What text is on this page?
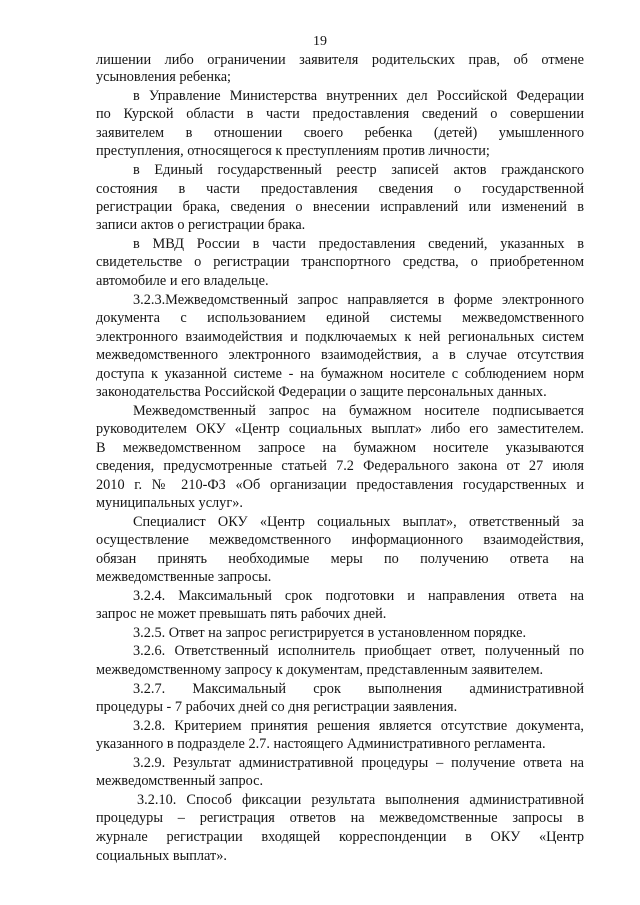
19
лишении либо ограничении заявителя родительских прав, об отмене
усыновления ребенка;
в Управление Министерства внутренних дел Российской Федерации
по Курской области в части предоставления сведений о совершении
заявителем в отношении своего ребенка (детей) умышленного
преступления, относящегося к преступлениям против личности;
в Единый государственный реестр записей актов гражданского
состояния в части предоставления сведения о государственной
регистрации брака, сведения о внесении исправлений или изменений в
записи актов о регистрации брака.
в МВД России в части предоставления сведений, указанных в
свидетельстве о регистрации транспортного средства, о приобретенном
автомобиле и его владельце.
3.2.3.Межведомственный запрос направляется в форме электронного
документа с использованием единой системы межведомственного
электронного взаимодействия и подключаемых к ней региональных систем
межведомственного электронного взаимодействия, а в случае отсутствия
доступа к указанной системе - на бумажном носителе с соблюдением норм
законодательства Российской Федерации о защите персональных данных.
Межведомственный запрос на бумажном носителе подписывается
руководителем ОКУ «Центр социальных выплат» либо его заместителем.
В межведомственном запросе на бумажном носителе указываются
сведения, предусмотренные статьей 7.2 Федерального закона от 27 июля
2010 г. № 210-ФЗ «Об организации предоставления государственных и
муниципальных услуг».
Специалист ОКУ «Центр социальных выплат», ответственный за
осуществление межведомственного информационного взаимодействия,
обязан принять необходимые меры по получению ответа на
межведомственные запросы.
3.2.4. Максимальный срок подготовки и направления ответа на
запрос не может превышать пять рабочих дней.
3.2.5. Ответ на запрос регистрируется в установленном порядке.
3.2.6. Ответственный исполнитель приобщает ответ, полученный по
межведомственному запросу к документам, представленным заявителем.
3.2.7. Максимальный срок выполнения административной
процедуры - 7 рабочих дней со дня регистрации заявления.
3.2.8. Критерием принятия решения является отсутствие документа,
указанного в подразделе 2.7. настоящего Административного регламента.
3.2.9. Результат административной процедуры – получение ответа на
межведомственный запрос.
3.2.10. Способ фиксации результата выполнения административной
процедуры – регистрация ответов на межведомственные запросы в
журнале регистрации входящей корреспонденции в ОКУ «Центр
социальных выплат».
